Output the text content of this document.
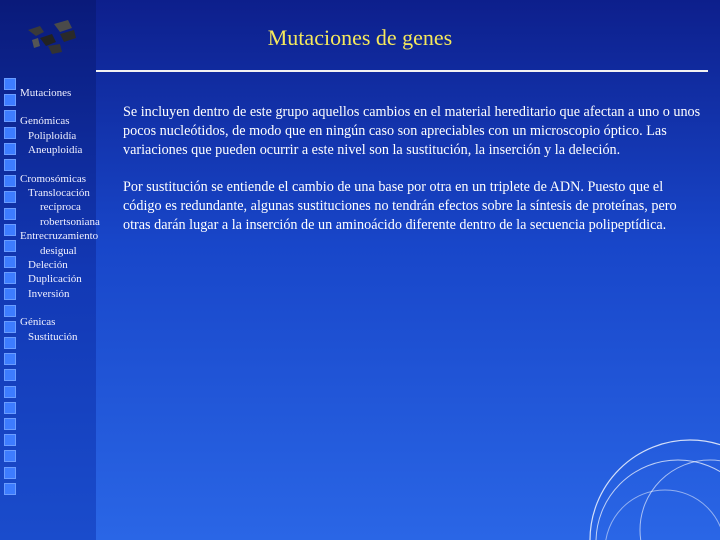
Mutaciones de genes
Mutaciones
Genómicas
Poliploidía
Aneuploidía
Cromosómicas
Translocación
recíproca
robertsoniana
Entrecruzamiento
desigual
Deleción
Duplicación
Inversión
Génicas
Sustitución

Se incluyen dentro de este grupo aquellos cambios en el material hereditario que afectan a uno o unos pocos nucleótidos, de modo que en ningún caso son apreciables con un microscopio óptico. Las variaciones que pueden ocurrir a este nivel son la sustitución, la inserción y la deleción.

Por sustitución se entiende el cambio de una base por otra en un triplete de ADN. Puesto que el código es redundante, algunas sustituciones no tendrán efectos sobre la síntesis de proteínas, pero otras darán lugar a la inserción de un aminoácido diferente dentro de la secuencia polipeptídica.
